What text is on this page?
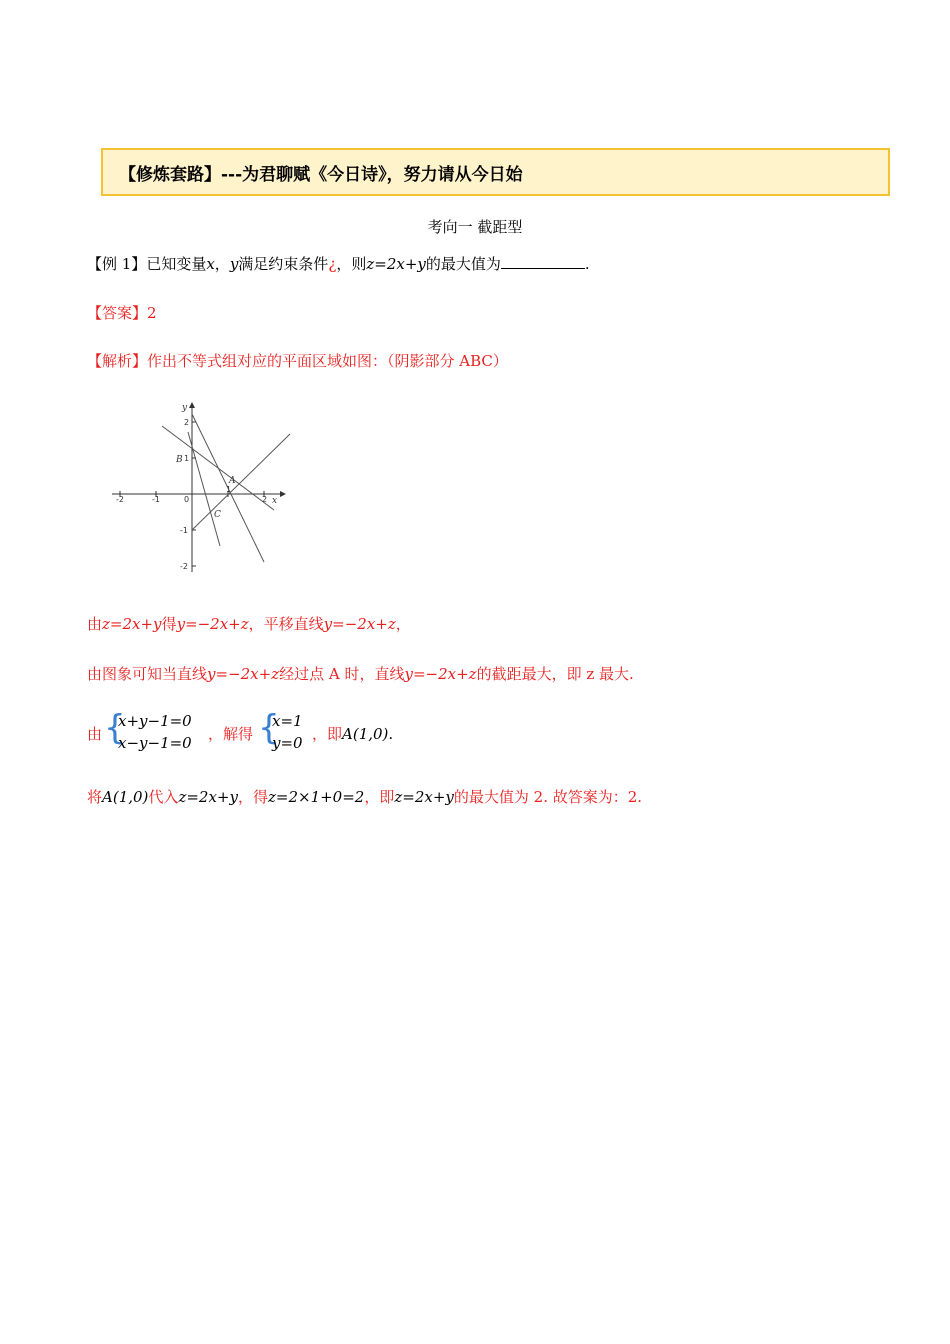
【修炼套路】---为君聊赋《今日诗》，努力请从今日始
考向一 截距型
【例 1】已知变量x，y满足约束条件¿，则z=2x+y的最大值为	.
【答案】2
【解析】作出不等式组对应的平面区域如图：（阴影部分 ABC）
-2	-1	0
1
2
2
1
-1
-2
y
x
B
A
C
由z=2x+y得y=−2x+z，平移直线y=−2x+z，
由图象可知当直线y=−2x+z经过点 A 时，直线y=−2x+z的截距最大，即 z 最大.
由 {
x+y−1=0
x−y−1=0 ，解得 {
x=1
y=0 ，即A(1,0).
将A(1,0)代入z=2x+y，得z=2×1+0=2，即z=2x+y的最大值为 2. 故答案为：2.
